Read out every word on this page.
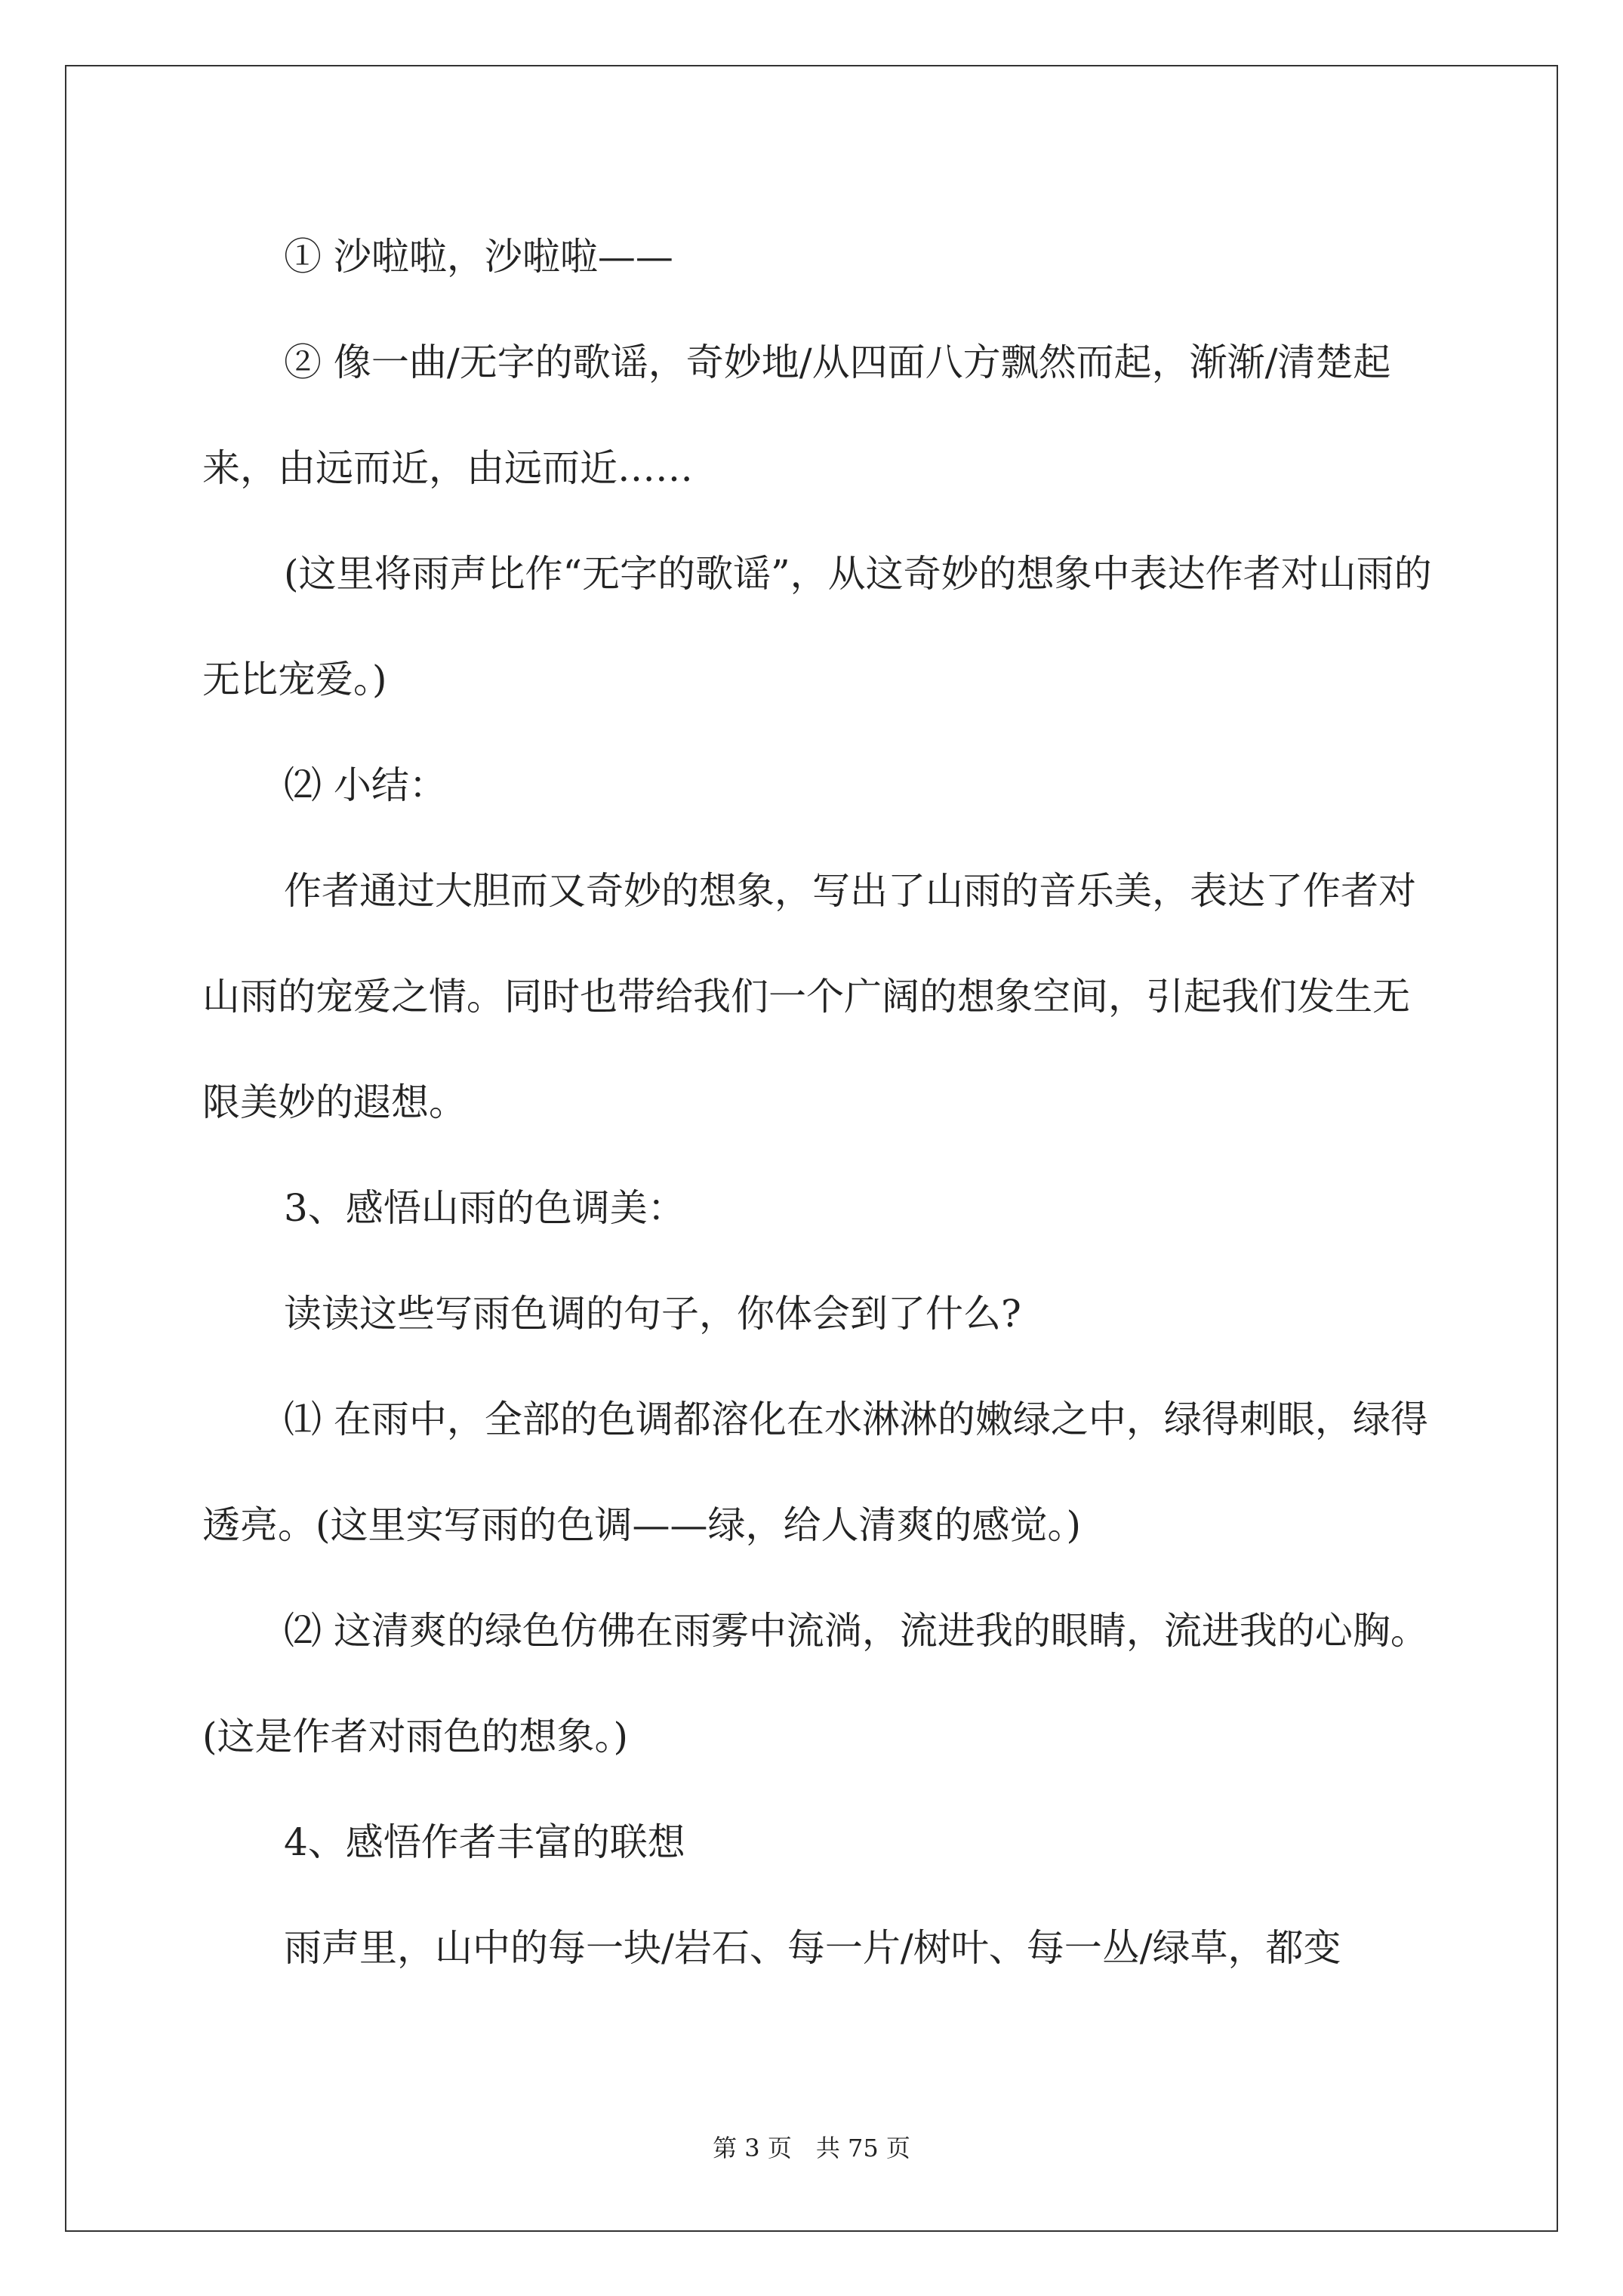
① 沙啦啦，沙啦啦——

② 像一曲/无字的歌谣，奇妙地/从四面八方飘然而起，渐渐/清楚起来，由远而近，由远而近……

(这里将雨声比作“无字的歌谣”，从这奇妙的想象中表达作者对山雨的无比宠爱。)

⑵ 小结：

作者通过大胆而又奇妙的想象，写出了山雨的音乐美，表达了作者对山雨的宠爱之情。同时也带给我们一个广阔的想象空间，引起我们发生无限美妙的遐想。

3、感悟山雨的色调美：

读读这些写雨色调的句子，你体会到了什么?

⑴ 在雨中，全部的色调都溶化在水淋淋的嫩绿之中，绿得刺眼，绿得透亮。(这里实写雨的色调——绿，给人清爽的感觉。)

⑵ 这清爽的绿色仿佛在雨雾中流淌，流进我的眼睛，流进我的心胸。(这是作者对雨色的想象。)

4、感悟作者丰富的联想

雨声里，山中的每一块/岩石、每一片/树叶、每一丛/绿草，都变

第 3 页　共 75 页
